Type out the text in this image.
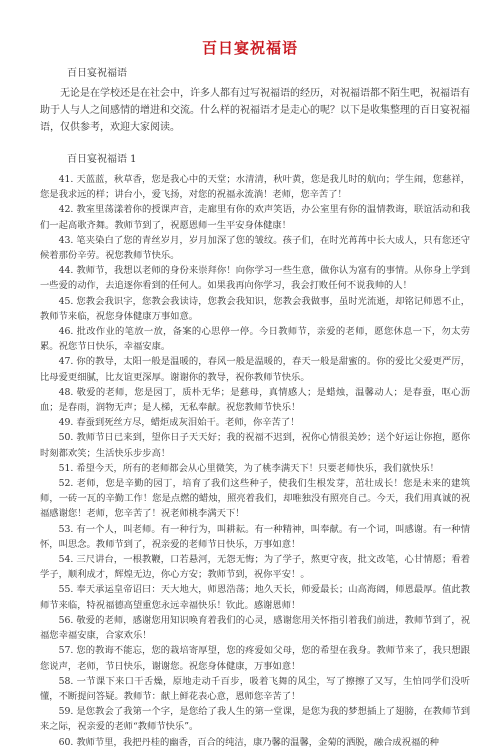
百日宴祝福语
百日宴祝福语
无论是在学校还是在社会中，许多人都有过写祝福语的经历，对祝福语都不陌生吧，祝福语有助于人与人之间感情的增进和交流。什么样的祝福语才是走心的呢？以下是收集整理的百日宴祝福语，仅供参考，欢迎大家阅读。
百日宴祝福语 1
41. 天蓝蓝，秋草香，您是我心中的天堂；水清清，秋叶黄，您是我儿时的航向；学生闹，您慈祥，您是我求远的样；讲台小，爱飞扬，对您的祝福永流淌！老师，您辛苦了！
42. 教室里荡漾着你的授课声音，走廊里有你的欢声笑语，办公室里有你的温情教诲，联谊活动和我们一起高歌齐舞。教师节到了，祝愿恩师一生平安身体健康！
43. 笔夹染白了您的青丝岁月，岁月加深了您的皱纹。孩子们，在时光苒苒中长大成人，只有您还守候着那份辛劳。祝您教师节快乐。
44. 教师节，我想以老师的身份来崇拜你！向你学习一些生意，做你认为富有的事情。从你身上学到一些爱的动作，去追逐你看到的任何人。如果我再向你学习，我会打败任何不说我帅的人！
45. 您教会我识字，您教会我读诗，您教会我知识，您教会我做事，虽时光流逝，却铭记师恩不止，教师节来临，祝您身体健康万事如意。
46. 批改作业的笔放一放，备案的心思停一停。今日教师节，亲爱的老师，愿您休息一下，勿太劳累。祝您节日快乐，幸福安康。
47. 你的教导，太阳一般是温暖的，春风一般是温暖的，春天一般是甜蜜的。你的爱比父爱更严厉，比母爱更细腻，比友谊更深厚。谢谢你的教导，祝你教师节快乐。
48. 敬爱的老师，您是园丁，质朴无华；是慈母，真情感人；是蜡烛，温馨动人；是春蚕，呕心沥血；是春雨，润物无声；是人梯，无私奉献。祝您教师节快乐！
49. 春蚕到死丝方尽，蜡炬成灰泪始干。老师，你辛苦了！
50. 教师节日已来到，望你日子天天好；我的祝福不迟到，祝你心情很美妙；送个好运让你抱，愿你时刻都欢笑；生活快乐步步高！
51. 希望今天，所有的老师都会从心里微笑，为了桃李满天下！只要老师快乐，我们就快乐！
52. 老师，您是辛勤的园丁，培育了我们这些种子，使我们生根发芽，茁壮成长！您是未来的建筑师，一砖一瓦的辛勤工作！您是点燃的蜡烛，照亮着我们，却唯独没有照亮自己。今天，我们用真诚的祝福感谢您！老师，您辛苦了！祝老师桃李满天下！
53. 有一个人，叫老师。有一种行为，叫耕耘。有一种精神，叫奉献。有一个词，叫感谢。有一种情怀，叫思念。教师节到了，祝亲爱的老师节日快乐，万事如意！
54. 三尺讲台，一根教鞭，口若悬河，无怨无悔；为了学子，熬更守夜，批文改笔，心甘情愿；看着学子，顺利成才，辉煌无边，你心方安；教师节到，祝你平安！。
55. 奉天承运皇帝诏曰：天大地大，师恩浩荡；地久天长，师爱最长；山高海阔，师恩最厚。值此教师节来临，特祝福德高望重您永远幸福快乐！钦此。感谢恩师！
56. 敬爱的老师，感谢您用知识唤育着我们的心灵，感谢您用关怀指引着我们前进，教师节到了，祝福您幸福安康，合家欢乐！
57. 您的教诲不能忘，您的栽培寄厚望，您的疼爱如父母，您的希望在我身。教师节来了，我只想跟您说声，老师，节日快乐，谢谢您。祝您身体健康，万事如意！
58. 一节课下来口干舌燥，原地走动千百步，吸着飞舞的风尘，写了擦擦了又写，生怕同学们没听懂，不断提问答疑。教师节：献上鲜花表心意，恩师您辛苦了！
59. 是您教会了我第一个字，是您给了我人生的第一堂课，是您为我的梦想插上了翅膀，在教师节到来之际，祝亲爱的老师“教师节快乐”。
60. 教师节里，我把丹桂的幽香，百合的纯洁，康乃馨的温馨，金菊的洒脱，融合成祝福的种
